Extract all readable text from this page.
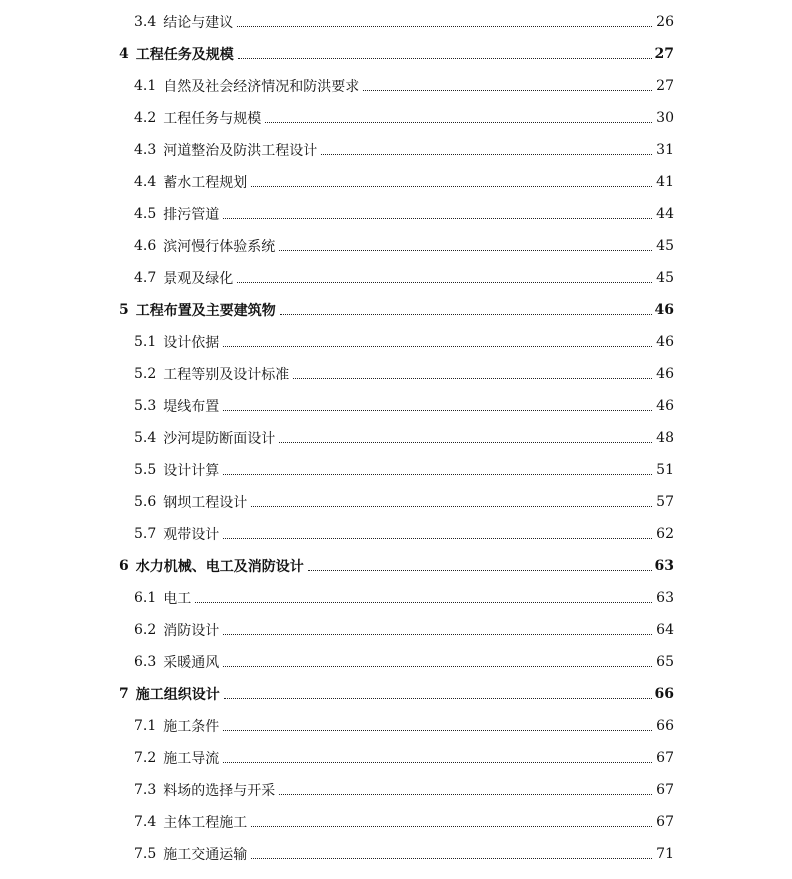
3.4 结论与建议	26
4 工程任务及规模	27
4.1 自然及社会经济情况和防洪要求	27
4.2 工程任务与规模	30
4.3 河道整治及防洪工程设计	31
4.4 蓄水工程规划	41
4.5 排污管道	44
4.6 滨河慢行体验系统	45
4.7 景观及绿化	45
5 工程布置及主要建筑物	46
5.1 设计依据	46
5.2 工程等别及设计标准	46
5.3 堤线布置	46
5.4 沙河堤防断面设计	48
5.5 设计计算	51
5.6 钢坝工程设计	57
5.7 观带设计	62
6 水力机械、电工及消防设计	63
6.1 电工	63
6.2 消防设计	64
6.3 采暖通风	65
7 施工组织设计	66
7.1 施工条件	66
7.2 施工导流	67
7.3 料场的选择与开采	67
7.4 主体工程施工	67
7.5 施工交通运输	71
